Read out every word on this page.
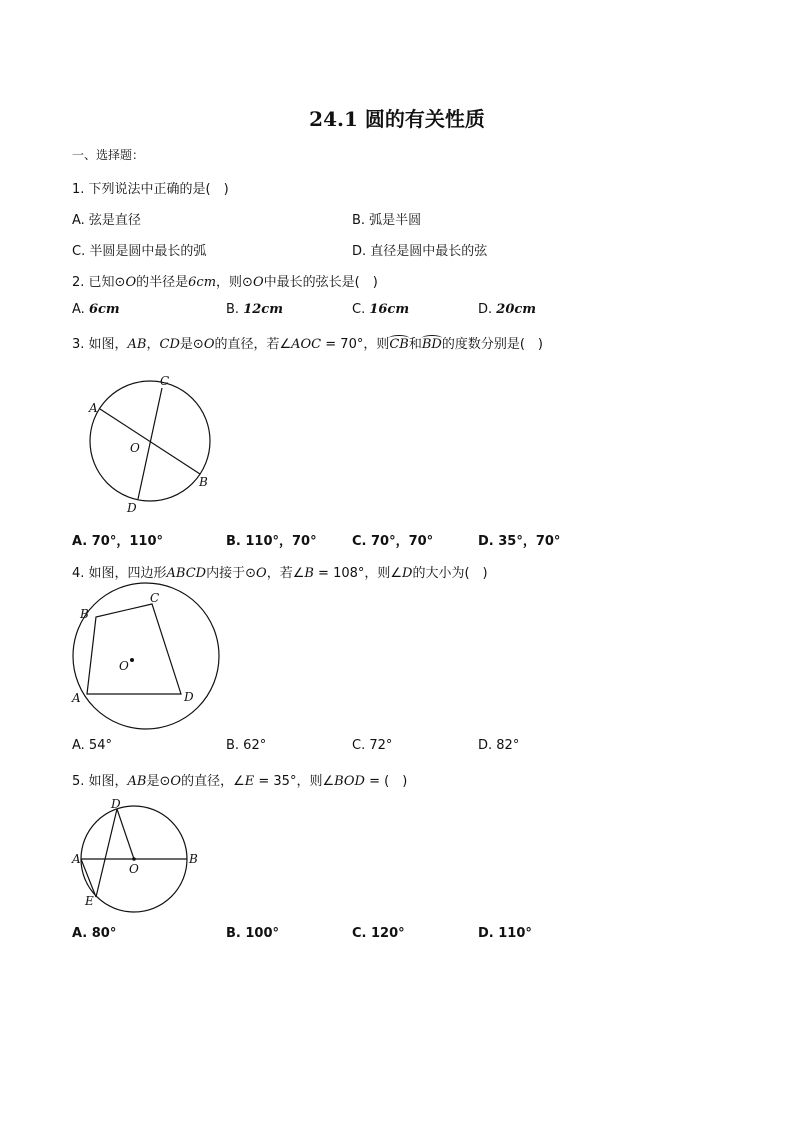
24.1 圆的有关性质
一、选择题：
1. 下列说法中正确的是(　)
A. 弦是直径	B. 弧是半圆
C. 半圆是圆中最长的弧	D. 直径是圆中最长的弦
2. 已知⊙O的半径是6cm，则⊙O中最长的弦长是(　)
A. 6cm	B. 12cm	C. 16cm	D. 20cm
3. 如图，AB，CD是⊙O的直径，若∠AOC = 70°，则CB和BD的度数分别是(　)
A
B
C
D
O
A. 70°，110°	B. 110°，70°	C. 70°，70°	D. 35°，70°
4. 如图，四边形ABCD内接于⊙O，若∠B = 108°，则∠D的大小为(　)
A
B
C
D
O
A. 54°	B. 62°	C. 72°	D. 82°
5. 如图，AB是⊙O的直径，∠E = 35°，则∠BOD = (　)
A	B
D
E
O
A. 80°	B. 100°	C. 120°	D. 110°
